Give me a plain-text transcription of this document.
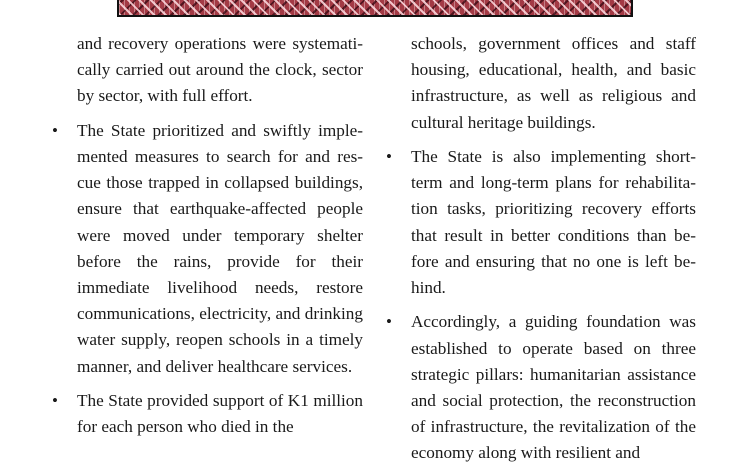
and recovery operations were systematically carried out around the clock, sector by sector, with full effort.

• The State prioritized and swiftly implemented measures to search for and rescue those trapped in collapsed buildings, ensure that earthquake-affected people were moved under temporary shelter before the rains, provide for their immediate livelihood needs, restore communications, electricity, and drinking water supply, reopen schools in a timely manner, and deliver healthcare services.

• The State provided support of K1 million for each person who died in the

schools, government offices and staff housing, educational, health, and basic infrastructure, as well as religious and cultural heritage buildings.

• The State is also implementing short-term and long-term plans for rehabilitation tasks, prioritizing recovery efforts that result in better conditions than before and ensuring that no one is left behind.

• Accordingly, a guiding foundation was established to operate based on three strategic pillars: humanitarian assistance and social protection, the reconstruction of infrastructure, the revitalization of the economy along with resilient and
